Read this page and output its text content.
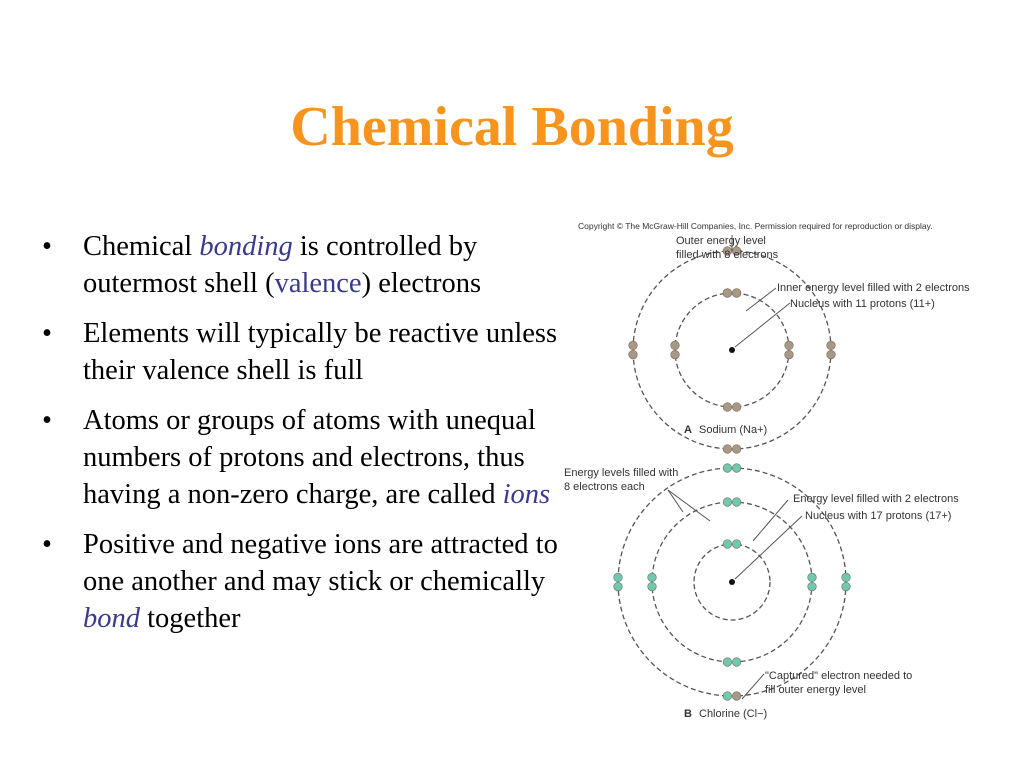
Chemical Bonding
• Chemical bonding is controlled by outermost shell (valence) electrons
• Elements will typically be reactive unless their valence shell is full
• Atoms or groups of atoms with unequal numbers of protons and electrons, thus having a non-zero charge, are called ions
• Positive and negative ions are attracted to one another and may stick or chemically bond together
Copyright © The McGraw-Hill Companies, Inc. Permission required for reproduction or display.
Outer energy level
filled with 8 electrons
Inner energy level filled with 2 electrons
Nucleus with 11 protons (11+)
A Sodium (Na+)
Energy levels filled with
8 electrons each
Energy level filled with 2 electrons
Nucleus with 17 protons (17+)
"Captured" electron needed to
fill outer energy level
B Chlorine (Cl−)
